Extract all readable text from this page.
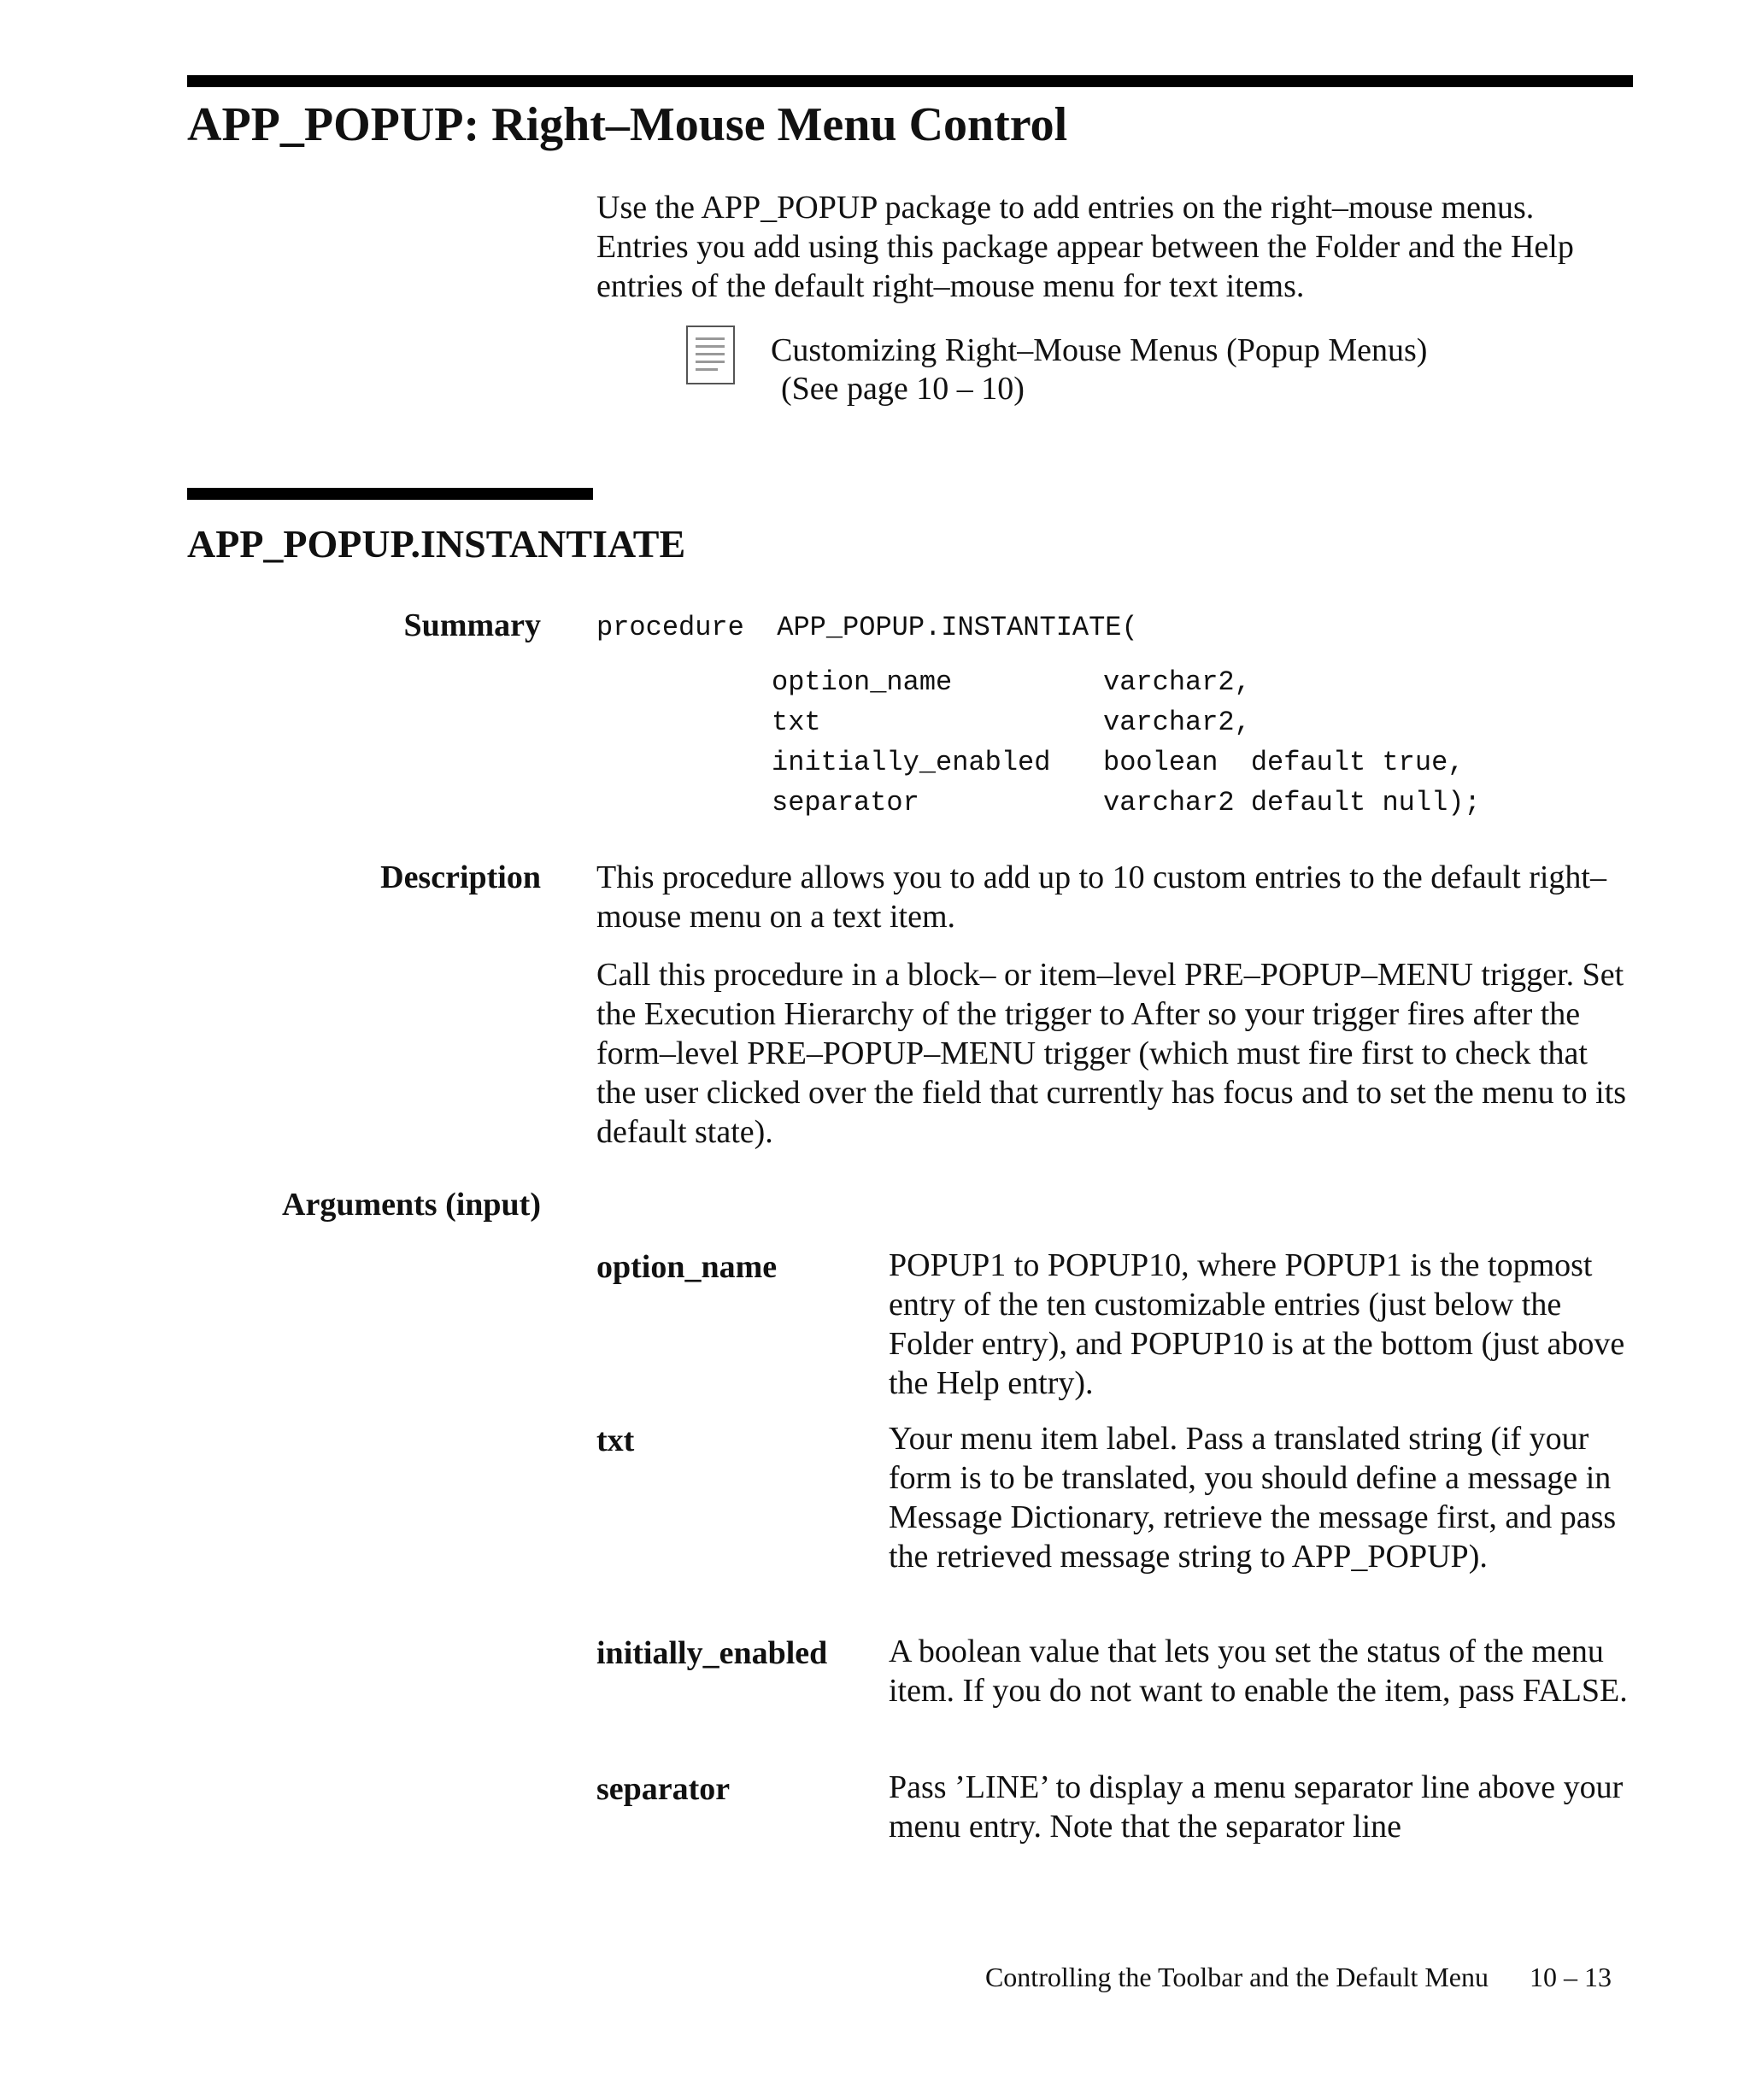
APP_POPUP: Right–Mouse Menu Control

Use the APP_POPUP package to add entries on the right–mouse menus. Entries you add using this package appear between the Folder and the Help entries of the default right–mouse menu for text items.

Customizing Right–Mouse Menus (Popup Menus)
(See page 10 – 10)
APP_POPUP.INSTANTIATE
Summary procedure  APP_POPUP.INSTANTIATE(
option_name	varchar2,
txt	varchar2,
initially_enabled boolean  default true,
separator	varchar2 default null);
Description This procedure allows you to add up to 10 custom entries to the default right–mouse menu on a text item.

Call this procedure in a block– or item–level PRE–POPUP–MENU trigger. Set the Execution Hierarchy of the trigger to After so your trigger fires after the form–level PRE–POPUP–MENU trigger (which must fire first to check that the user clicked over the field that currently has focus and to set the menu to its default state).

Arguments (input)
option_name	POPUP1 to POPUP10, where POPUP1 is the topmost entry of the ten customizable entries (just below the Folder entry), and POPUP10 is at the bottom (just above the Help entry).

txt	Your menu item label. Pass a translated string (if your form is to be translated, you should define a message in Message Dictionary, retrieve the message first, and pass the retrieved message string to APP_POPUP).

initially_enabled A boolean value that lets you set the status of the menu item. If you do not want to enable the item, pass FALSE.

separator	Pass ’LINE’ to display a menu separator line above your menu entry. Note that the separator line

Controlling the Toolbar and the Default Menu 10 – 13
